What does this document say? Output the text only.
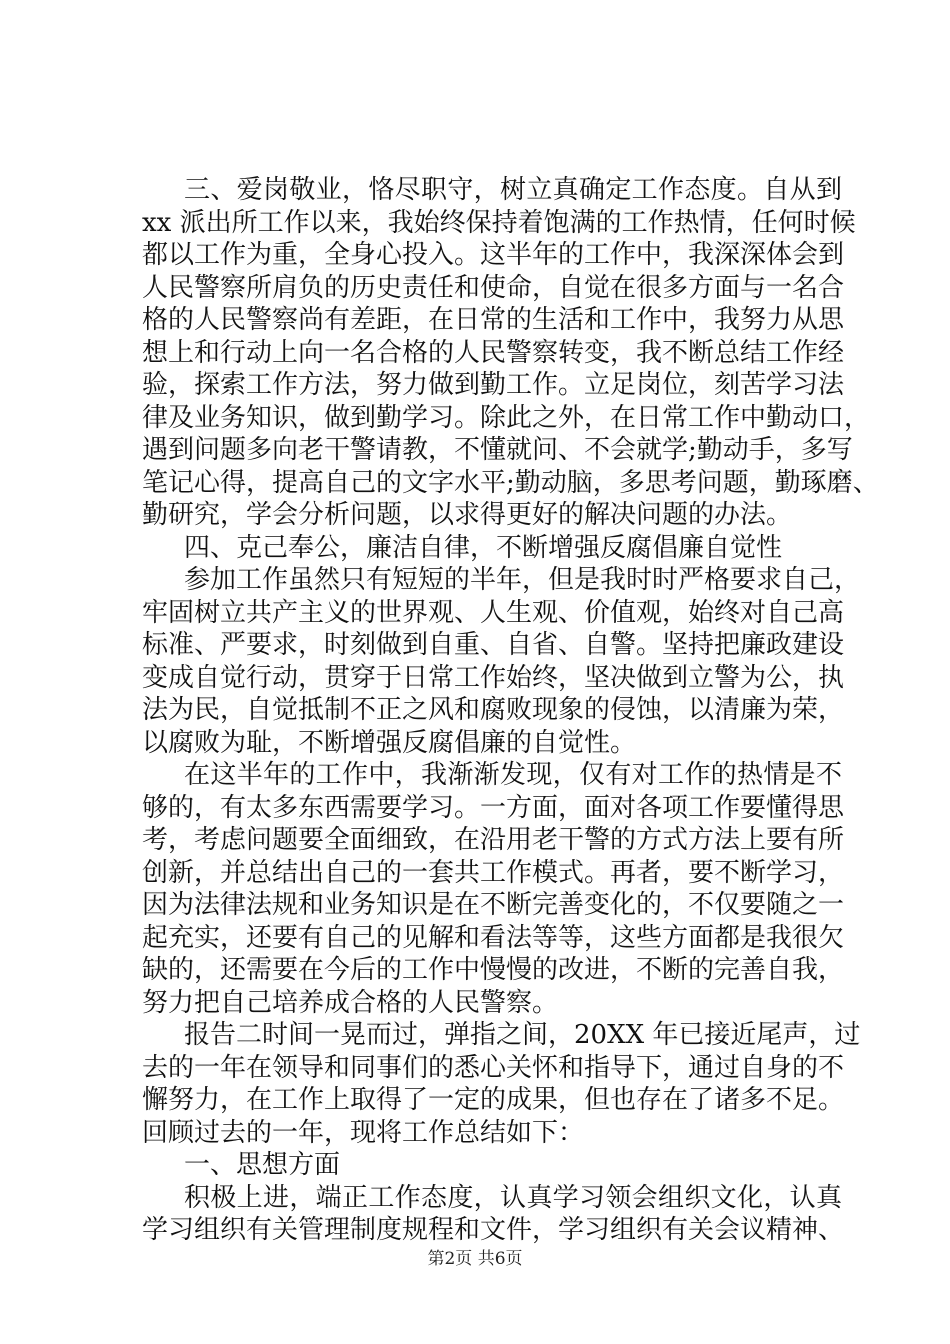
三、爱岗敬业，恪尽职守，树立真确定工作态度。自从到
xx 派出所工作以来，我始终保持着饱满的工作热情，任何时候
都以工作为重，全身心投入。这半年的工作中，我深深体会到
人民警察所肩负的历史责任和使命，自觉在很多方面与一名合
格的人民警察尚有差距，在日常的生活和工作中，我努力从思
想上和行动上向一名合格的人民警察转变，我不断总结工作经
验，探索工作方法，努力做到勤工作。立足岗位，刻苦学习法
律及业务知识，做到勤学习。除此之外，在日常工作中勤动口，
遇到问题多向老干警请教，不懂就问、不会就学;勤动手，多写
笔记心得，提高自己的文字水平;勤动脑，多思考问题，勤琢磨、
勤研究，学会分析问题，以求得更好的解决问题的办法。
四、克己奉公，廉洁自律，不断增强反腐倡廉自觉性
参加工作虽然只有短短的半年，但是我时时严格要求自己，
牢固树立共产主义的世界观、人生观、价值观，始终对自己高
标准、严要求，时刻做到自重、自省、自警。坚持把廉政建设
变成自觉行动，贯穿于日常工作始终，坚决做到立警为公，执
法为民，自觉抵制不正之风和腐败现象的侵蚀，以清廉为荣，
以腐败为耻，不断增强反腐倡廉的自觉性。
在这半年的工作中，我渐渐发现，仅有对工作的热情是不
够的，有太多东西需要学习。一方面，面对各项工作要懂得思
考，考虑问题要全面细致，在沿用老干警的方式方法上要有所
创新，并总结出自己的一套共工作模式。再者，要不断学习，
因为法律法规和业务知识是在不断完善变化的，不仅要随之一
起充实，还要有自己的见解和看法等等，这些方面都是我很欠
缺的，还需要在今后的工作中慢慢的改进，不断的完善自我，
努力把自己培养成合格的人民警察。
报告二时间一晃而过，弹指之间，20XX 年已接近尾声，过
去的一年在领导和同事们的悉心关怀和指导下，通过自身的不
懈努力，在工作上取得了一定的成果，但也存在了诸多不足。
回顾过去的一年，现将工作总结如下：
一、思想方面
积极上进，端正工作态度，认真学习领会组织文化，认真
学习组织有关管理制度规程和文件，学习组织有关会议精神、
第2页 共6页
